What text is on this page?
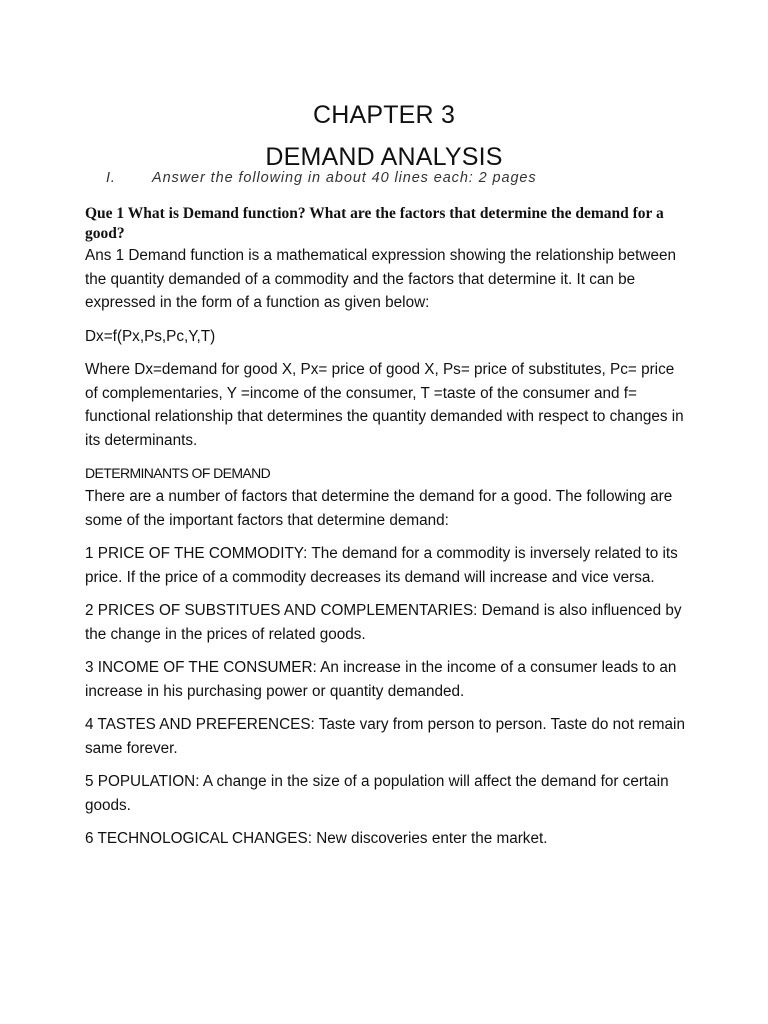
CHAPTER 3
DEMAND ANALYSIS
I. Answer the following in about 40 lines each: 2 pages

Que 1 What is Demand function? What are the factors that determine the demand for a good?

Ans 1 Demand function is a mathematical expression showing the relationship between the quantity demanded of a commodity and the factors that determine it. It can be expressed in the form of a function as given below:

Dx=f(Px,Ps,Pc,Y,T)

Where Dx=demand for good X, Px= price of good X, Ps= price of substitutes, Pc= price of complementaries, Y =income of the consumer, T =taste of the consumer and f= functional relationship that determines the quantity demanded with respect to changes in its determinants.

DETERMINANTS OF DEMAND

There are a number of factors that determine the demand for a good. The following are some of the important factors that determine demand:

1 PRICE OF THE COMMODITY: The demand for a commodity is inversely related to its price. If the price of a commodity decreases its demand will increase and vice versa.

2 PRICES OF SUBSTITUES AND COMPLEMENTARIES: Demand is also influenced by the change in the prices of related goods.

3 INCOME OF THE CONSUMER: An increase in the income of a consumer leads to an increase in his purchasing power or quantity demanded.

4 TASTES AND PREFERENCES: Taste vary from person to person. Taste do not remain same forever.

5 POPULATION: A change in the size of a population will affect the demand for certain goods.

6 TECHNOLOGICAL CHANGES: New discoveries enter the market.
